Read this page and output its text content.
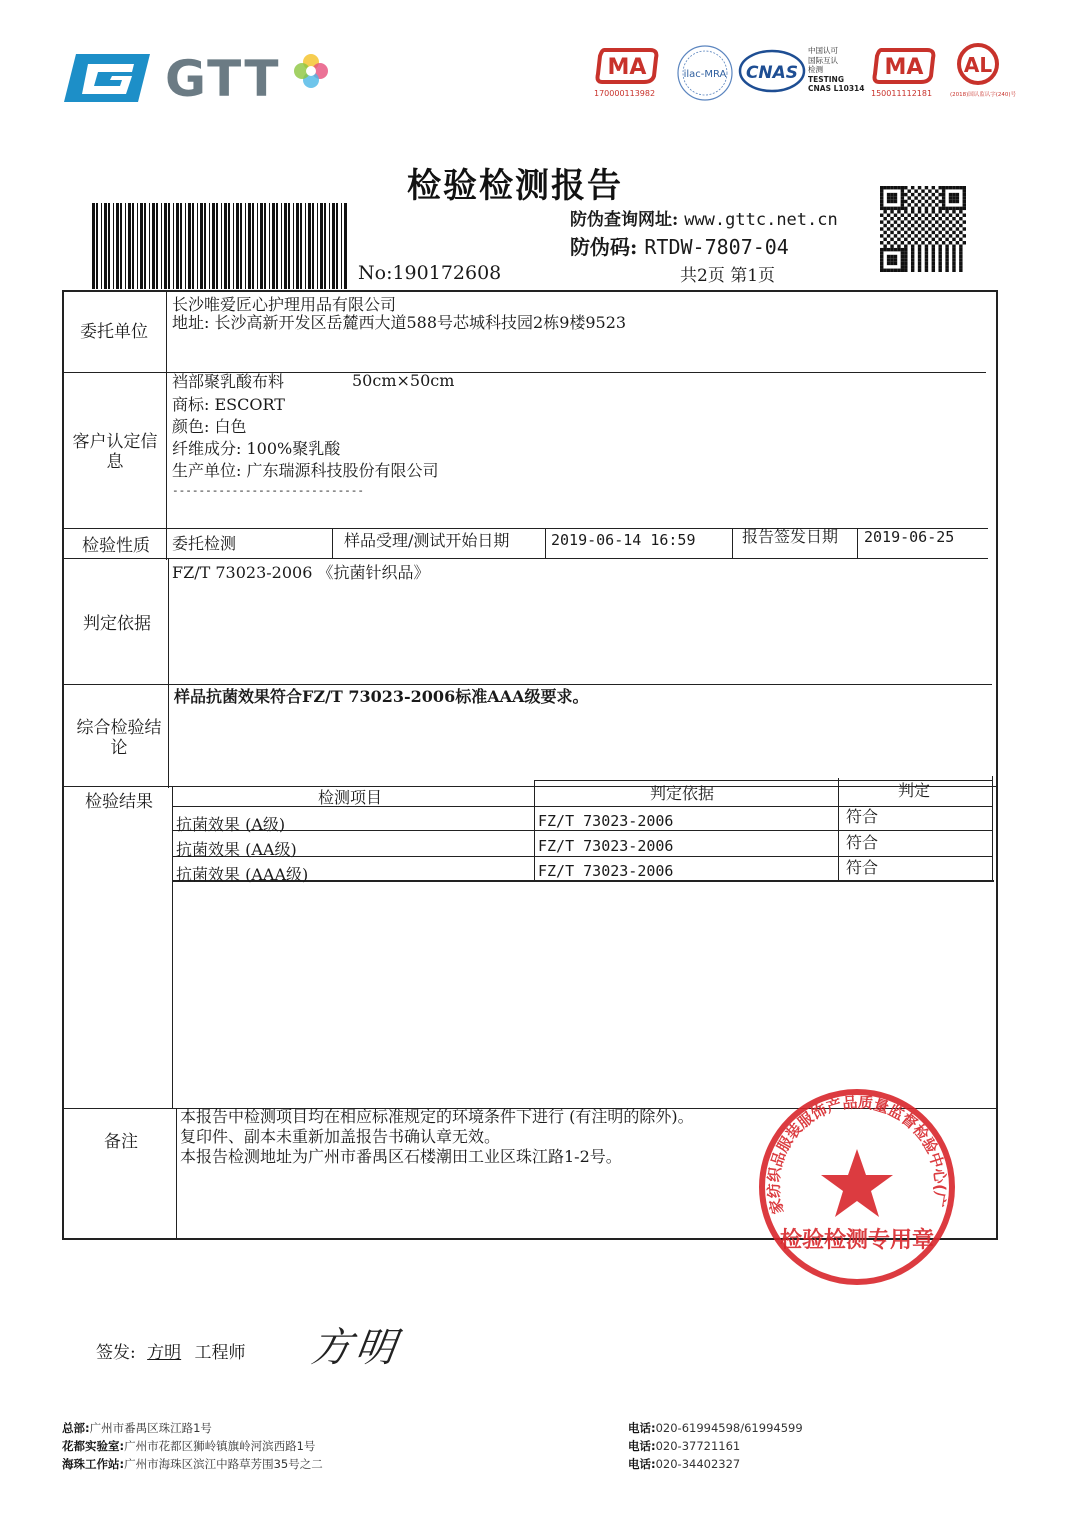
GTT	MA
170000113982
ilac-MRA CNAS
中国认可
国际互认
检测
TESTING
CNAS L10314
MA
150011112181
AL
(2018)国认监认字(240)号
检验检测报告
防伪查询网址: www.gttc.net.cn
防伪码: RTDW-7807-04
No:190172608	共2页 第1页
委托单位
长沙唯爱匠心护理用品有限公司
地址: 长沙高新开发区岳麓西大道588号芯城科技园2栋9楼9523
客户认定信息
裆部聚乳酸布料	50cm×50cm
商标: ESCORT
颜色: 白色
纤维成分: 100%聚乳酸
生产单位: 广东瑞源科技股份有限公司
-----------------------------
检验性质	委托检测	样品受理/测试开始日期	2019-06-14 16:59	报告签发日期 2019-06-25
判定依据
FZ/T 73023-2006 《抗菌针织品》
综合检验结论
样品抗菌效果符合FZ/T 73023-2006标准AAA级要求。
检验结果	检测项目	判定依据	判定
抗菌效果 (A级)	FZ/T 73023-2006	符合
抗菌效果 (AA级)	FZ/T 73023-2006	符合
抗菌效果 (AAA级)	FZ/T 73023-2006	符合
备注
本报告中检测项目均在相应标准规定的环境条件下进行 (有注明的除外)。
复印件、副本未重新加盖报告书确认章无效。
本报告检测地址为广州市番禺区石楼潮田工业区珠江路1-2号。
家纺织品服装服饰产品质量监督检验中心(广
检验检测专用章
签发: 方明 工程师 方明
总部:广州市番禺区珠江路1号
花都实验室:广州市花都区狮岭镇旗岭河滨西路1号
海珠工作站:广州市海珠区滨江中路草芳围35号之二
电话:020-61994598/61994599
电话:020-37721161
电话:020-34402327
